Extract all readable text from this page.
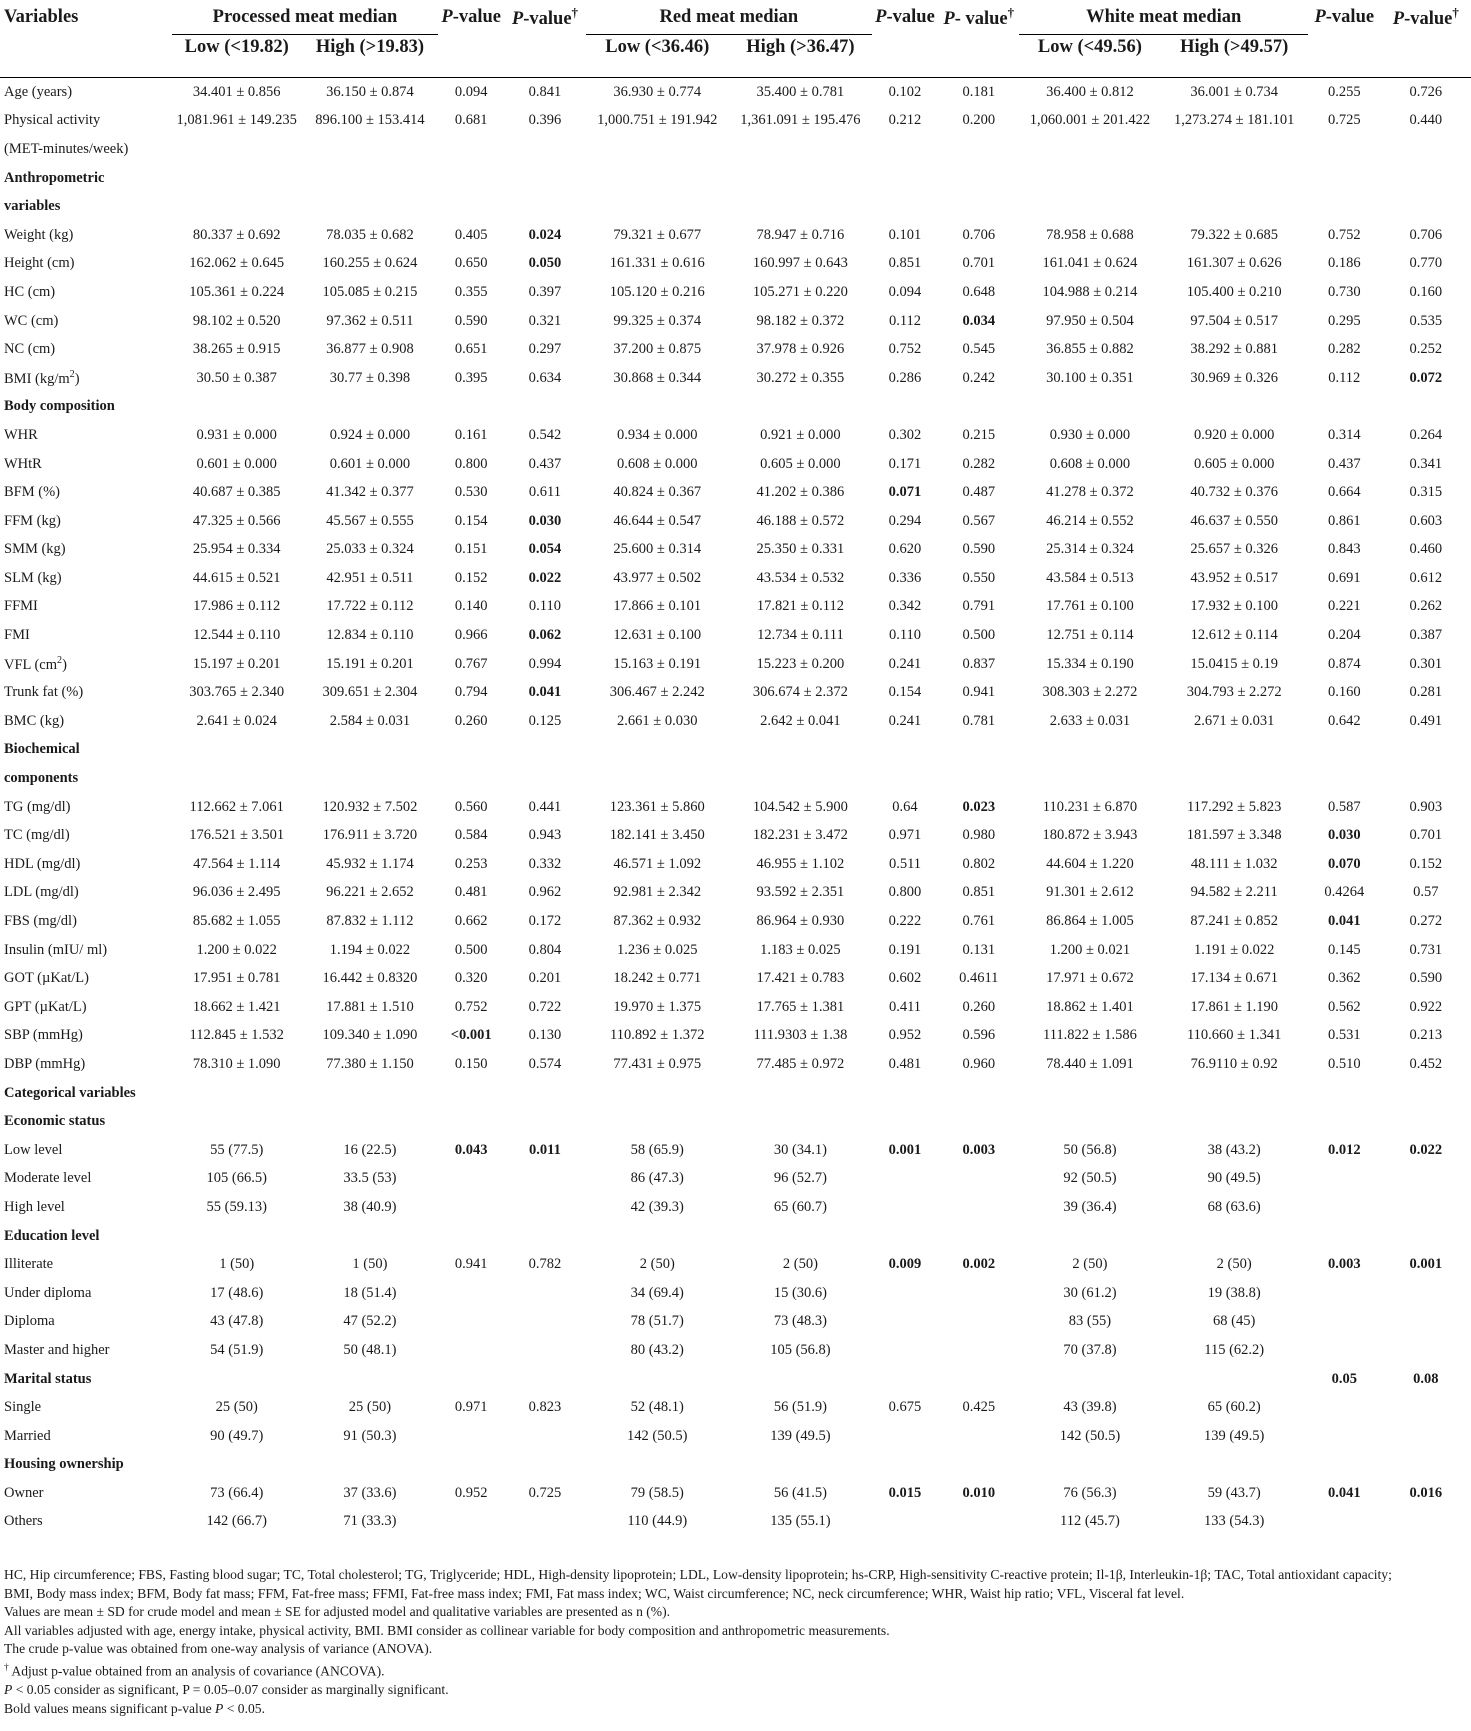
Variables	Processed meat median		P-value	P-value†	Red meat median		P-value	P- value†	White meat median		P-value	P-value†
	Low (<19.82)	High (>19.83)			Low (<36.46)	High (>36.47)			Low (<49.56)	High (>49.57)		
Age (years)	34.401 ± 0.856	36.150 ± 0.874	0.094	0.841	36.930 ± 0.774	35.400 ± 0.781	0.102	0.181	36.400 ± 0.812	36.001 ± 0.734	0.255	0.726
Physical activity	1,081.961 ± 149.235	896.100 ± 153.414	0.681	0.396	1,000.751 ± 191.942	1,361.091 ± 195.476	0.212	0.200	1,060.001 ± 201.422	1,273.274 ± 181.101	0.725	0.440
(MET-minutes/week)												
Anthropometric												
variables												
Weight (kg)	80.337 ± 0.692	78.035 ± 0.682	0.405	0.024	79.321 ± 0.677	78.947 ± 0.716	0.101	0.706	78.958 ± 0.688	79.322 ± 0.685	0.752	0.706
Height (cm)	162.062 ± 0.645	160.255 ± 0.624	0.650	0.050	161.331 ± 0.616	160.997 ± 0.643	0.851	0.701	161.041 ± 0.624	161.307 ± 0.626	0.186	0.770
HC (cm)	105.361 ± 0.224	105.085 ± 0.215	0.355	0.397	105.120 ± 0.216	105.271 ± 0.220	0.094	0.648	104.988 ± 0.214	105.400 ± 0.210	0.730	0.160
WC (cm)	98.102 ± 0.520	97.362 ± 0.511	0.590	0.321	99.325 ± 0.374	98.182 ± 0.372	0.112	0.034	97.950 ± 0.504	97.504 ± 0.517	0.295	0.535
NC (cm)	38.265 ± 0.915	36.877 ± 0.908	0.651	0.297	37.200 ± 0.875	37.978 ± 0.926	0.752	0.545	36.855 ± 0.882	38.292 ± 0.881	0.282	0.252
BMI $(kg/m^2)$	30.50 ± 0.387	30.77 ± 0.398	0.395	0.634	30.868 ± 0.344	30.272 ± 0.355	0.286	0.242	30.100 ± 0.351	30.969 ± 0.326	0.112	0.072
Body composition												
WHR	0.931 ± 0.000	0.924 ± 0.000	0.161	0.542	0.934 ± 0.000	0.921 ± 0.000	0.302	0.215	0.930 ± 0.000	0.920 ± 0.000	0.314	0.264
WHtR	0.601 ± 0.000	0.601 ± 0.000	0.800	0.437	0.608 ± 0.000	0.605 ± 0.000	0.171	0.282	0.608 ± 0.000	0.605 ± 0.000	0.437	0.341
BFM (%)	40.687 ± 0.385	41.342 ± 0.377	0.530	0.611	40.824 ± 0.367	41.202 ± 0.386	0.071	0.487	41.278 ± 0.372	40.732 ± 0.376	0.664	0.315
FFM (kg)	47.325 ± 0.566	45.567 ± 0.555	0.154	0.030	46.644 ± 0.547	46.188 ± 0.572	0.294	0.567	46.214 ± 0.552	46.637 ± 0.550	0.861	0.603
SMM (kg)	25.954 ± 0.334	25.033 ± 0.324	0.151	0.054	25.600 ± 0.314	25.350 ± 0.331	0.620	0.590	25.314 ± 0.324	25.657 ± 0.326	0.843	0.460
SLM (kg)	44.615 ± 0.521	42.951 ± 0.511	0.152	0.022	43.977 ± 0.502	43.534 ± 0.532	0.336	0.550	43.584 ± 0.513	43.952 ± 0.517	0.691	0.612
FFMI	17.986 ± 0.112	17.722 ± 0.112	0.140	0.110	17.866 ± 0.101	17.821 ± 0.112	0.342	0.791	17.761 ± 0.100	17.932 ± 0.100	0.221	0.262
FMI	12.544 ± 0.110	12.834 ± 0.110	0.966	0.062	12.631 ± 0.100	12.734 ± 0.111	0.110	0.500	12.751 ± 0.114	12.612 ± 0.114	0.204	0.387
VFL $(cm^2)$	15.197 ± 0.201	15.191 ± 0.201	0.767	0.994	15.163 ± 0.191	15.223 ± 0.200	0.241	0.837	15.334 ± 0.190	15.0415 ± 0.19	0.874	0.301
Trunk fat (%)	303.765 ± 2.340	309.651 ± 2.304	0.794	0.041	306.467 ± 2.242	306.674 ± 2.372	0.154	0.941	308.303 ± 2.272	304.793 ± 2.272	0.160	0.281
BMC (kg)	2.641 ± 0.024	2.584 ± 0.031	0.260	0.125	2.661 ± 0.030	2.642 ± 0.041	0.241	0.781	2.633 ± 0.031	2.671 ± 0.031	0.642	0.491
Biochemical												
components												
TG (mg/dl)	112.662 ± 7.061	120.932 ± 7.502	0.560	0.441	123.361 ± 5.860	104.542 ± 5.900	0.64	0.023	110.231 ± 6.870	117.292 ± 5.823	0.587	0.903
TC (mg/dl)	176.521 ± 3.501	176.911 ± 3.720	0.584	0.943	182.141 ± 3.450	182.231 ± 3.472	0.971	0.980	180.872 ± 3.943	181.597 ± 3.348	0.030	0.701
HDL (mg/dl)	47.564 ± 1.114	45.932 ± 1.174	0.253	0.332	46.571 ± 1.092	46.955 ± 1.102	0.511	0.802	44.604 ± 1.220	48.111 ± 1.032	0.070	0.152
LDL (mg/dl)	96.036 ± 2.495	96.221 ± 2.652	0.481	0.962	92.981 ± 2.342	93.592 ± 2.351	0.800	0.851	91.301 ± 2.612	94.582 ± 2.211	0.4264	0.57
FBS (mg/dl)	85.682 ± 1.055	87.832 ± 1.112	0.662	0.172	87.362 ± 0.932	86.964 ± 0.930	0.222	0.761	86.864 ± 1.005	87.241 ± 0.852	0.041	0.272
Insulin (mIU/ ml)	1.200 ± 0.022	1.194 ± 0.022	0.500	0.804	1.236 ± 0.025	1.183 ± 0.025	0.191	0.131	1.200 ± 0.021	1.191 ± 0.022	0.145	0.731
GOT (µKat/L)	17.951 ± 0.781	16.442 ± 0.8320	0.320	0.201	18.242 ± 0.771	17.421 ± 0.783	0.602	0.4611	17.971 ± 0.672	17.134 ± 0.671	0.362	0.590
GPT (µKat/L)	18.662 ± 1.421	17.881 ± 1.510	0.752	0.722	19.970 ± 1.375	17.765 ± 1.381	0.411	0.260	18.862 ± 1.401	17.861 ± 1.190	0.562	0.922
SBP (mmHg)	112.845 ± 1.532	109.340 ± 1.090	<0.001	0.130	110.892 ± 1.372	111.9303 ± 1.38	0.952	0.596	111.822 ± 1.586	110.660 ± 1.341	0.531	0.213
DBP (mmHg)	78.310 ± 1.090	77.380 ± 1.150	0.150	0.574	77.431 ± 0.975	77.485 ± 0.972	0.481	0.960	78.440 ± 1.091	76.9110 ± 0.92	0.510	0.452
Categorical variables												
Economic status												
Low level	55 (77.5)	16 (22.5)	0.043	0.011	58 (65.9)	30 (34.1)	0.001	0.003	50 (56.8)	38 (43.2)	0.012	0.022
Moderate level	105 (66.5)	33.5 (53)			86 (47.3)	96 (52.7)			92 (50.5)	90 (49.5)		
High level	55 (59.13)	38 (40.9)			42 (39.3)	65 (60.7)			39 (36.4)	68 (63.6)		
Education level												
Illiterate	1 (50)	1 (50)	0.941	0.782	2 (50)	2 (50)	0.009	0.002	2 (50)	2 (50)	0.003	0.001
Under diploma	17 (48.6)	18 (51.4)			34 (69.4)	15 (30.6)			30 (61.2)	19 (38.8)		
Diploma	43 (47.8)	47 (52.2)			78 (51.7)	73 (48.3)			83 (55)	68 (45)		
Master and higher	54 (51.9)	50 (48.1)			80 (43.2)	105 (56.8)			70 (37.8)	115 (62.2)		
Marital status											0.05	0.08
Single	25 (50)	25 (50)	0.971	0.823	52 (48.1)	56 (51.9)	0.675	0.425	43 (39.8)	65 (60.2)		
Married	90 (49.7)	91 (50.3)			142 (50.5)	139 (49.5)			142 (50.5)	139 (49.5)		
Housing ownership												
Owner	73 (66.4)	37 (33.6)	0.952	0.725	79 (58.5)	56 (41.5)	0.015	0.010	76 (56.3)	59 (43.7)	0.041	0.016
Others	142 (66.7)	71 (33.3)			110 (44.9)	135 (55.1)			112 (45.7)	133 (54.3)		
HC, Hip circumference; FBS, Fasting blood sugar; TC, Total cholesterol; TG, Triglyceride; HDL, High-density lipoprotein; LDL, Low-density lipoprotein; hs-CRP, High-sensitivity C-reactive protein; Il-1β, Interleukin-1β; TAC, Total antioxidant capacity;
BMI, Body mass index; BFM, Body fat mass; FFM, Fat-free mass; FFMI, Fat-free mass index; FMI, Fat mass index; WC, Waist circumference; NC, neck circumference; WHR, Waist hip ratio; VFL, Visceral fat level.
Values are mean ± SD for crude model and mean ± SE for adjusted model and qualitative variables are presented as n (%).
All variables adjusted with age, energy intake, physical activity, BMI. BMI consider as collinear variable for body composition and anthropometric measurements.
The crude p-value was obtained from one-way analysis of variance (ANOVA).
† Adjust p-value obtained from an analysis of covariance (ANCOVA).
P < 0.05 consider as significant, P = 0.05–0.07 consider as marginally significant.
Bold values means significant p-value P < 0.05.
